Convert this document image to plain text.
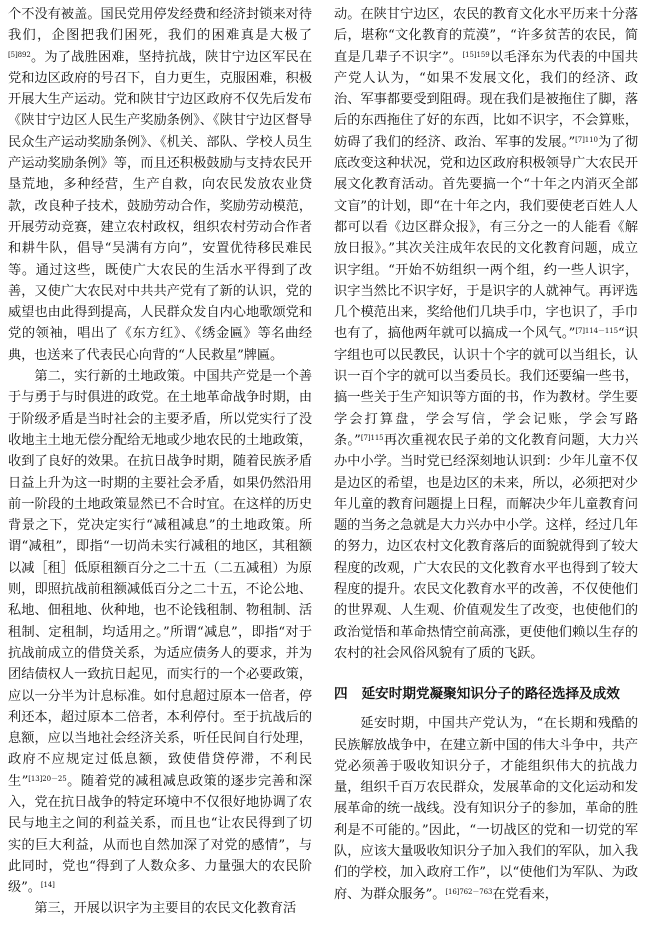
个不没有被盖。国民党用停发经费和经济封锁来对待我们，企图把我们困死，我们的困难真是大极了$^{[5]892}$。为了战胜困难，坚持抗战，陕甘宁边区军民在党和边区政府的号召下，自力更生，克服困难，积极开展大生产运动。党和陕甘宁边区政府不仅先后发布《陕甘宁边区人民生产奖励条例》、《陕甘宁边区督导民众生产运动奖励条例》、《机关、部队、学校人员生产运动奖励条例》等，而且还积极鼓励与支持农民开垦荒地，多种经营，生产自救，向农民发放农业贷款，改良种子技术，鼓励劳动合作，奖励劳动模范，开展劳动竞赛，建立农村政权，组织农村劳动合作者和耕牛队，倡导“吴满有方向”，安置优待移民难民等。通过这些，既使广大农民的生活水平得到了改善，又使广大农民对中共共产党有了新的认识，党的威望也由此得到提高，人民群众发自内心地歌颂党和党的领袖，唱出了《东方红》、《绣金匾》等名曲经典，也送来了代表民心向背的“人民救星”牌匾。

第二，实行新的土地政策。中国共产党是一个善于与勇于与时俱进的政党。在土地革命战争时期，由于阶级矛盾是当时社会的主要矛盾，所以党实行了没收地主土地无偿分配给无地或少地农民的土地政策，收到了良好的效果。在抗日战争时期，随着民族矛盾日益上升为这一时期的主要社会矛盾，如果仍然沿用前一阶段的土地政策显然已不合时宜。在这样的历史背景之下，党决定实行“减租减息”的土地政策。所谓“减租”，即指“一切尚未实行减租的地区，其租额以减［租］低原租额百分之二十五（二五减租）为原则，即照抗战前租额减低百分之二十五，不论公地、私地、佃租地、伙种地，也不论钱租制、物租制、活租制、定租制，均适用之。”所谓“减息”，即指“对于抗战前成立的借贷关系，为适应债务人的要求，并为团结债权人一致抗日起见，而实行的一个必要政策，应以一分半为计息标准。如付息超过原本一倍者，停利还本，超过原本二倍者，本利停付。至于抗战后的息额，应以当地社会经济关系，听任民间自行处理，政府不应规定过低息额，致使借贷停滞，不利民生”$^{[13]20-25}$。随着党的减租减息政策的逐步完善和深入，党在抗日战争的特定环境中不仅很好地协调了农民与地主之间的利益关系，而且也“让农民得到了切实的巨大利益，从而也自然加深了对党的感情”，与此同时，党也“得到了人数众多、力量强大的农民阶级”。[14]

第三，开展以识字为主要目的农民文化教育活

动。在陕甘宁边区，农民的教育文化水平历来十分落后，堪称“文化教育的荒漠”，“许多贫苦的农民，简直是几辈子不识字”。$^{[15]159}$以毛泽东为代表的中国共产党人认为，“如果不发展文化，我们的经济、政治、军事都要受到阻碍。现在我们是被拖住了脚，落后的东西拖住了好的东西，比如不识字，不会算账，妨碍了我们的经济、政治、军事的发展。”$^{[7]110}$为了彻底改变这种状况，党和边区政府积极领导广大农民开展文化教育活动。首先要搞一个“十年之内消灭全部文盲”的计划，即“在十年之内，我们要使老百姓人人都可以看《边区群众报》，有三分之一的人能看《解放日报》。”其次关注成年农民的文化教育问题，成立识字组。“开始不妨组织一两个组，约一些人识字，识字当然比不识字好，于是识字的人就神气。再评选几个模范出来，奖给他们几块手巾，字也识了，手巾也有了，搞他两年就可以搞成一个风气。”$^{[7]114-115}$“识字组也可以民教民，认识十个字的就可以当组长，认识一百个字的就可以当委员长。我们还要编一些书，搞一些关于生产知识等方面的书，作为教材。学生要学会打算盘，学会写信，学会记账，学会写路条。”$^{[7]115}$再次重视农民子弟的文化教育问题，大力兴办中小学。当时党已经深刻地认识到：少年儿童不仅是边区的希望，也是边区的未来，所以，必须把对少年儿童的教育问题提上日程，而解决少年儿童教育问题的当务之急就是大力兴办中小学。这样，经过几年的努力，边区农村文化教育落后的面貌就得到了较大程度的改观，广大农民的文化教育水平也得到了较大程度的提升。农民文化教育水平的改善，不仅使他们的世界观、人生观、价值观发生了改变，也使他们的政治觉悟和革命热情空前高涨，更使他们赖以生存的农村的社会风俗风貌有了质的飞跃。

四 延安时期党凝聚知识分子的路径选择及成效

延安时期，中国共产党认为，“在长期和残酷的民族解放战争中，在建立新中国的伟大斗争中，共产党必须善于吸收知识分子，才能组织伟大的抗战力量，组织千百万农民群众，发展革命的文化运动和发展革命的统一战线。没有知识分子的参加，革命的胜利是不可能的。”因此，“一切战区的党和一切党的军队，应该大量吸收知识分子加入我们的军队，加入我们的学校，加入政府工作”，以“使他们为军队、为政府、为群众服务”。$^{[16]762-763}$在党看来，
